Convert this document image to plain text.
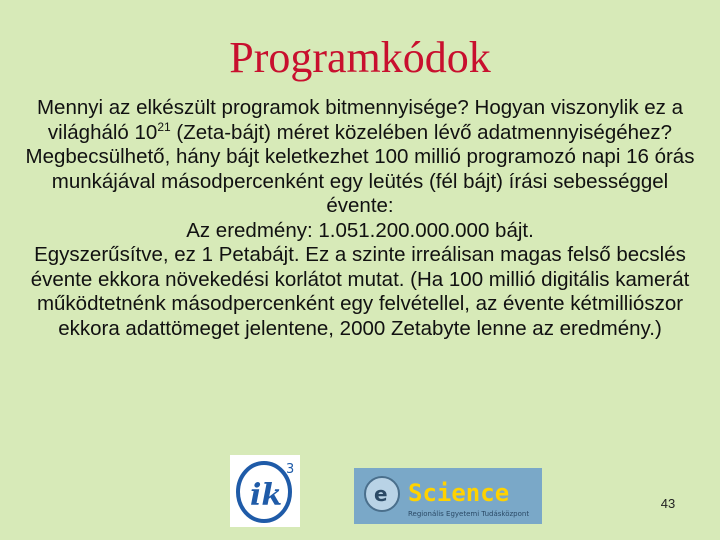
Programkódok

Mennyi az elkészült programok bitmennyisége? Hogyan viszonylik ez a világháló $10^{21}$ (Zeta-bájt) méret közelében lévő adatmennyiségéhez?

Megbecsülhető, hány bájt keletkezhet 100 millió programozó napi 16 órás munkájával másodpercenként egy leütés (fél bájt) írási sebességgel évente:

Az eredmény: 1.051.200.000.000 bájt.

Egyszerűsítve, ez 1 Petabájt. Ez a szinte irreálisan magas felső becslés évente ekkora növekedési korlátot mutat. (Ha 100 millió digitális kamerát működtetnénk másodpercenként egy felvétellel, az évente kétmilliószor ekkora adattömeget jelentene, 2000 Zetabyte lenne az eredmény.)

ik
3
e Science
Regionális Egyetemi Tudásközpont
43
